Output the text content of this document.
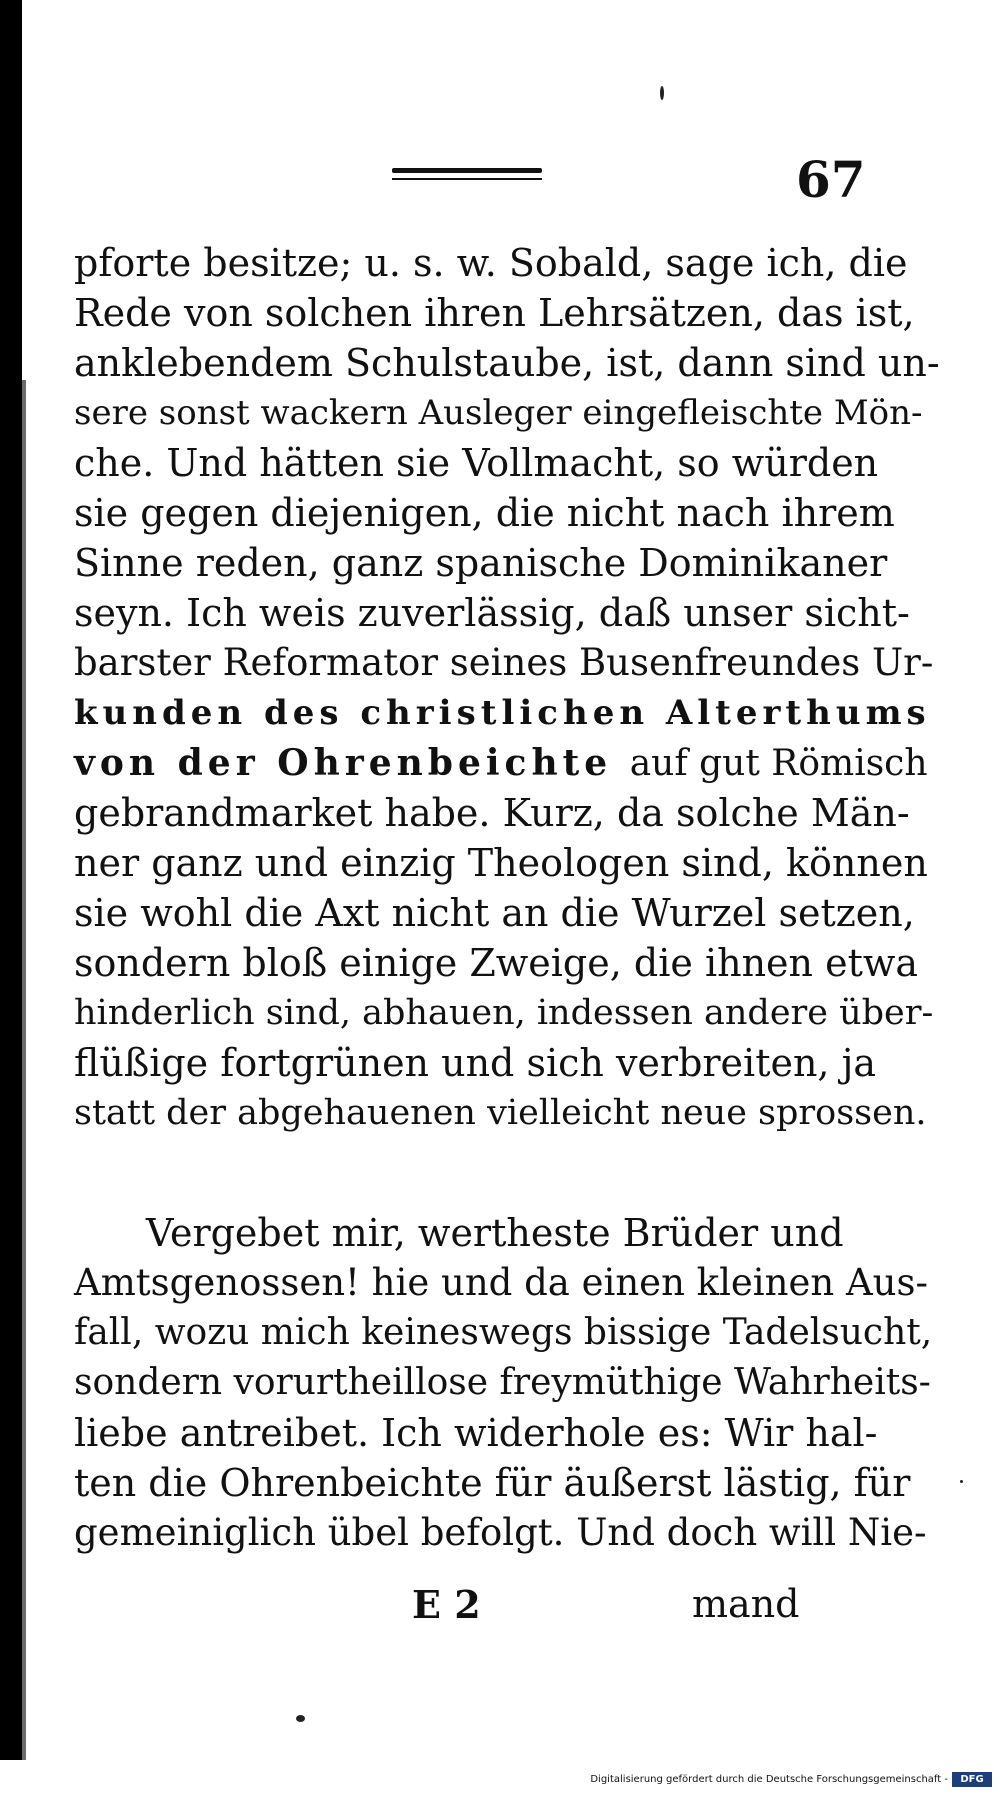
67
pforte besitze; u. s. w. Sobald, sage ich, die
Rede von solchen ihren Lehrsätzen, das ist,
anklebendem Schulstaube, ist, dann sind un-
sere sonst wackern Ausleger eingefleischte Mön-
che. Und hätten sie Vollmacht, so würden
sie gegen diejenigen, die nicht nach ihrem
Sinne reden, ganz spanische Dominikaner
seyn. Ich weis zuverlässig, daß unser sicht-
barster Reformator seines Busenfreundes Ur-
kunden des christlichen Alterthums
von der Ohrenbeichte auf gut Römisch
gebrandmarket habe. Kurz, da solche Män-
ner ganz und einzig Theologen sind, können
sie wohl die Axt nicht an die Wurzel setzen,
sondern bloß einige Zweige, die ihnen etwa
hinderlich sind, abhauen, indessen andere über-
flüßige fortgrünen und sich verbreiten, ja
statt der abgehauenen vielleicht neue sprossen.
Vergebet mir, wertheste Brüder und
Amtsgenossen! hie und da einen kleinen Aus-
fall, wozu mich keineswegs bissige Tadelsucht,
sondern vorurtheillose freymüthige Wahrheits-
liebe antreibet. Ich widerhole es: Wir hal-
ten die Ohrenbeichte für äußerst lästig, für
gemeiniglich übel befolgt. Und doch will Nie-
E 2	mand
Digitalisierung gefördert durch die Deutsche Forschungsgemeinschaft -	DFG
